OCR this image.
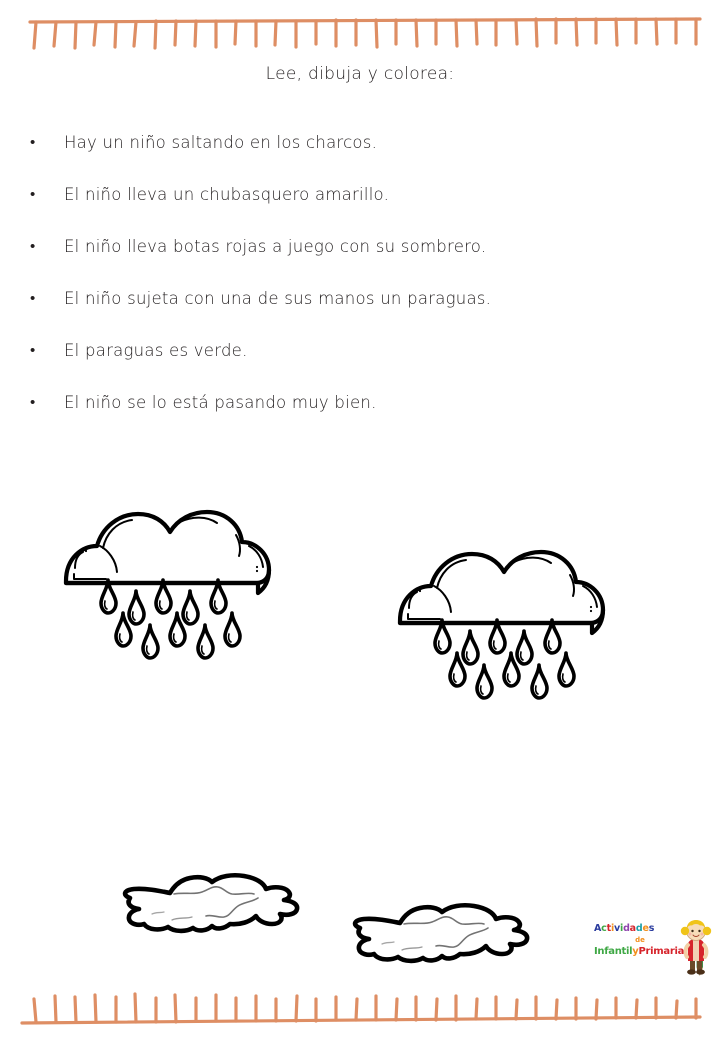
Lee, dibuja y colorea:
•	Hay un niño saltando en los charcos.
•	El niño lleva un chubasquero amarillo.
•	El niño lleva botas rojas a juego con su sombrero.
•	El niño sujeta con una de sus manos un paraguas.
•	El paraguas es verde.
•	El niño se lo está pasando muy bien.
Actividades
de
InfantilyPrimaria
